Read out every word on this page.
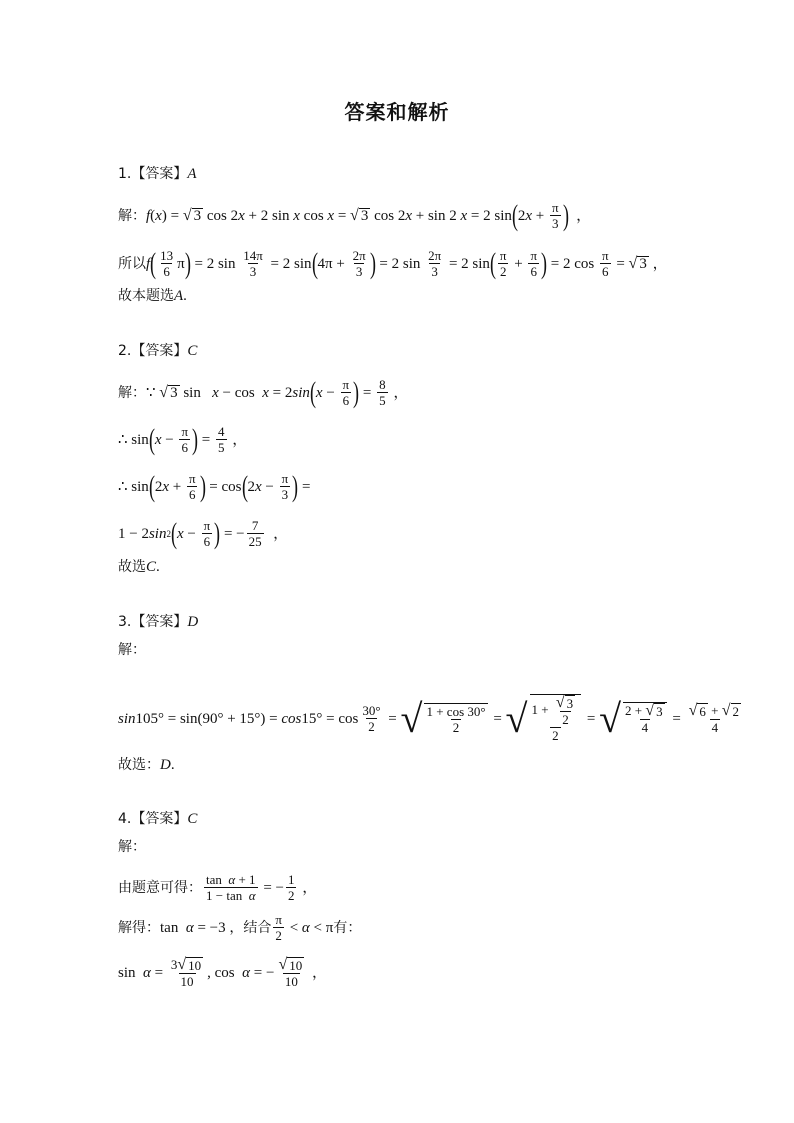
答案和解析
1. 【答案】 A
解： f ( x ) = √ 3 cos 2 x + 2 sin x cos x = √ 3 cos 2 x + sin 2 x = 2 sin ( 2 $x + \frac{\pi}{3}$ ) ，
所以 f ( $\frac{13}{6}$ π ) = 2 $\sin \frac{14\pi}{3} = 2$ sin ( $4\pi + \frac{2\pi}{3}$ ) = 2 $\sin \frac{2\pi}{3} = 2$ sin ( $\frac{\pi}{2} + \frac{\pi}{6}$ ) = 2 $\cos \frac{\pi}{6}$ = √ 3 ，
故本题选 A .
2. 【答案】 C
解： ∵ √ 3 sin x − cos x = 2 sin ( $x - \frac{\pi}{6}$ ) = $\frac{8}{5}$ ，
∴ sin ( $x - \frac{\pi}{6}$ ) = $\frac{4}{5}$ ，
∴ sin ( 2 $x + \frac{\pi}{6}$ ) = cos ( 2 $x - \frac{\pi}{3}$ ) =
1 − 2 sin 2 ( $x - \frac{\pi}{6}$ ) = − $\frac{7}{25}$ ，
故选 C .
3. 【答案】 D
解：
$\sin 105^\circ = \sin(90^\circ + 15^\circ) = \cos 15^\circ = \cos \frac{30^\circ}{2}$ = √ $\frac{1 + \cos 30^\circ}{2}$ = √ $\frac{1 + \frac{√ 3}{2}}{2}$ = √ $\frac{2 + √ 3}{4} = \frac{√ 6 + √ 2}{4}$
故选： D .
4. 【答案】 C
解：
由题意可得： $\frac{\text{tan  α + 1}}{\text{1 − tan  α}}$ = − $\frac{1}{2}$ ，
解得： tan α = −3 ，结合 $\frac{\pi}{2} < \alpha < \pi$ 有：
$\sin \alpha = \frac{3 √ 10}{10}$ , cos α = − $\frac{√ 10}{10}$ ，
